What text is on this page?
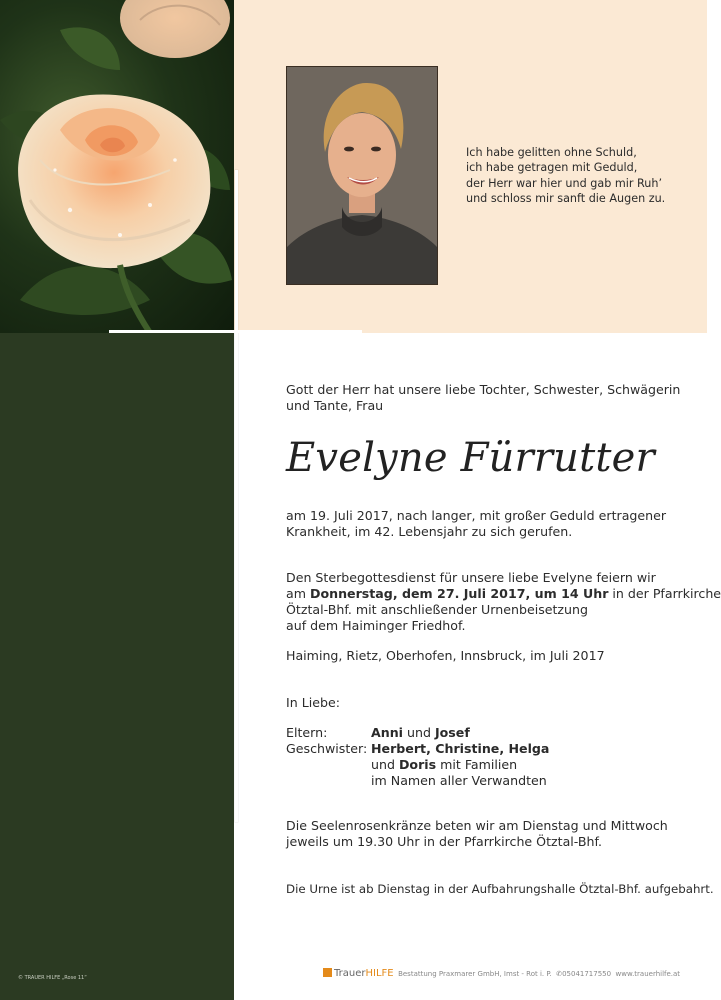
Ich habe gelitten ohne Schuld,
ich habe getragen mit Geduld,
der Herr war hier und gab mir Ruh’
und schloss mir sanft die Augen zu.
Gott der Herr hat unsere liebe Tochter, Schwester, Schwägerin
und Tante, Frau
Evelyne Fürrutter
am 19. Juli 2017, nach langer, mit großer Geduld ertragener
Krankheit, im 42. Lebensjahr zu sich gerufen.
Den Sterbegottesdienst für unsere liebe Evelyne feiern wir
am Donnerstag, dem 27. Juli 2017, um 14 Uhr in der Pfarrkirche
Ötztal-Bhf. mit anschließender Urnenbeisetzung
auf dem Haiminger Friedhof.
Haiming, Rietz, Oberhofen, Innsbruck, im Juli 2017
In Liebe:
Eltern:	Anni und Josef
Geschwister: Herbert, Christine, Helga
und Doris mit Familien
im Namen aller Verwandten
Die Seelenrosenkränze beten wir am Dienstag und Mittwoch
jeweils um 19.30 Uhr in der Pfarrkirche Ötztal-Bhf.
Die Urne ist ab Dienstag in der Aufbahrungshalle Ötztal-Bhf. aufgebahrt.
© TRAUER HILFE „Rose 11“	TrauerHILFE Bestattung Praxmarer GmbH, Imst - Rot i. P. ✆05041717550 www.trauerhilfe.at
